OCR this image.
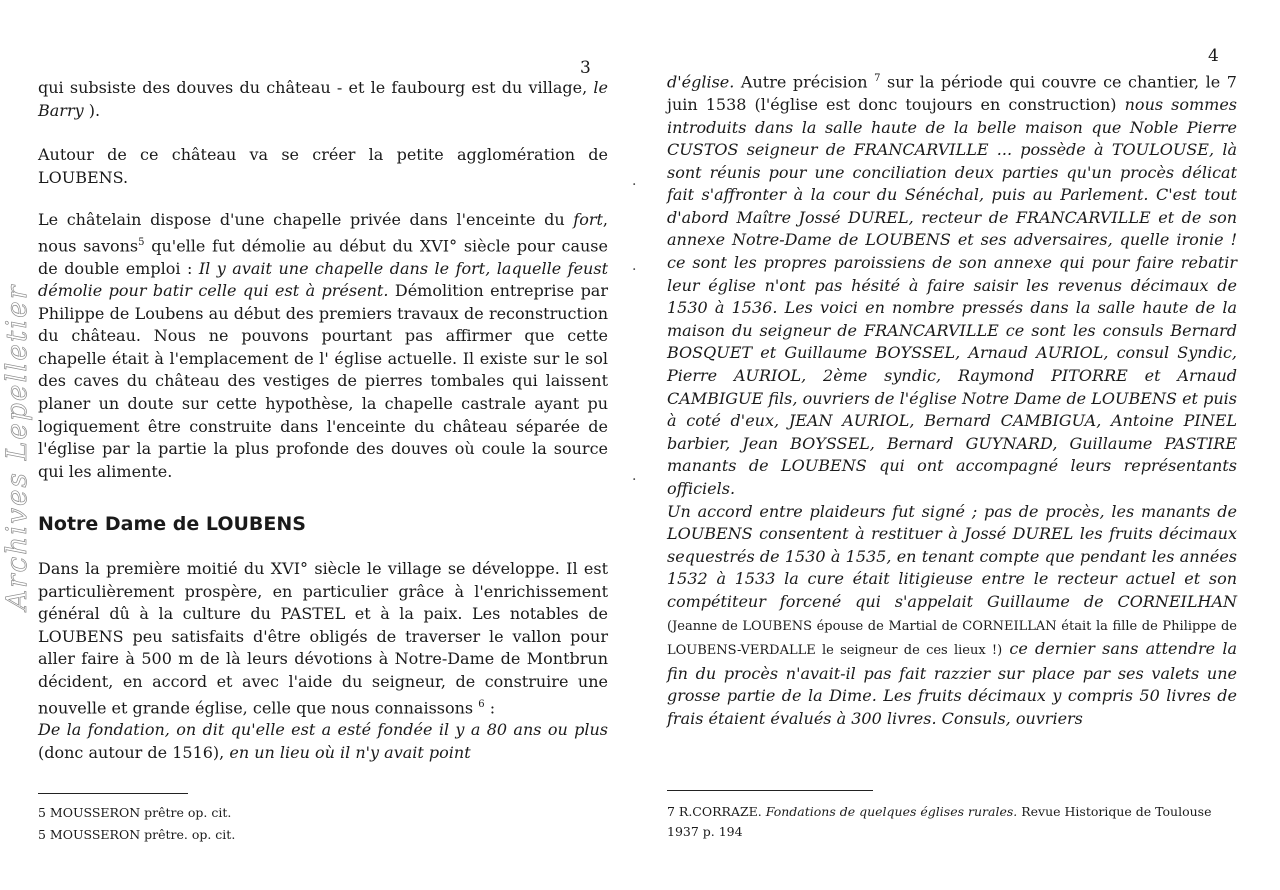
Archives Lepelletier
3

qui subsiste des douves du château - et le faubourg est du village, le Barry ).

Autour de ce château va se créer la petite agglomération de LOUBENS.

Le châtelain dispose d'une chapelle privée dans l'enceinte du fort, nous savons$^5$ qu'elle fut démolie au début du XVI° siècle pour cause de double emploi : Il y avait une chapelle dans le fort, laquelle feust démolie pour batir celle qui est à présent. Démolition entreprise par Philippe de Loubens au début des premiers travaux de reconstruction du château. Nous ne pouvons pourtant pas affirmer que cette chapelle était à l'emplacement de l' église actuelle. Il existe sur le sol des caves du château des vestiges de pierres tombales qui laissent planer un doute sur cette hypothèse, la chapelle castrale ayant pu logiquement être construite dans l'enceinte du château séparée de l'église par la partie la plus profonde des douves où coule la source qui les alimente.

Notre Dame de LOUBENS

Dans la première moitié du XVI° siècle le village se développe. Il est particulièrement prospère, en particulier grâce à l'enrichissement général dû à la culture du PASTEL et à la paix. Les notables de LOUBENS peu satisfaits d'être obligés de traverser le vallon pour aller faire à 500 m de là leurs dévotions à Notre-Dame de Montbrun décident, en accord et avec l'aide du seigneur, de construire une nouvelle et grande église, celle que nous connaissons $^6$ :
De la fondation, on dit qu'elle est a esté fondée il y a 80 ans ou plus (donc autour de 1516), en un lieu où il n'y avait point

5 MOUSSERON prêtre op. cit.
5 MOUSSERON prêtre. op. cit.
4
·
·
·

d'église. Autre précision $^7$ sur la période qui couvre ce chantier, le 7 juin 1538 (l'église est donc toujours en construction) nous sommes introduits dans la salle haute de la belle maison que Noble Pierre CUSTOS seigneur de FRANCARVILLE ... possède à TOULOUSE, là sont réunis pour une conciliation deux parties qu'un procès délicat fait s'affronter à la cour du Sénéchal, puis au Parlement. C'est tout d'abord Maître Jossé DUREL, recteur de FRANCARVILLE et de son annexe Notre-Dame de LOUBENS et ses adversaires, quelle ironie ! ce sont les propres paroissiens de son annexe qui pour faire rebatir leur église n'ont pas hésité à faire saisir les revenus décimaux de 1530 à 1536. Les voici en nombre pressés dans la salle haute de la maison du seigneur de FRANCARVILLE ce sont les consuls Bernard BOSQUET et Guillaume BOYSSEL, Arnaud AURIOL, consul Syndic, Pierre AURIOL, 2ème syndic, Raymond PITORRE et Arnaud CAMBIGUE fils, ouvriers de l'église Notre Dame de LOUBENS et puis à coté d'eux, JEAN AURIOL, Bernard CAMBIGUA, Antoine PINEL barbier, Jean BOYSSEL, Bernard GUYNARD, Guillaume PASTIRE manants de LOUBENS qui ont accompagné leurs représentants officiels.
Un accord entre plaideurs fut signé ; pas de procès, les manants de LOUBENS consentent à restituer à Jossé DUREL les fruits décimaux sequestrés de 1530 à 1535, en tenant compte que pendant les années 1532 à 1533 la cure était litigieuse entre le recteur actuel et son compétiteur forcené qui s'appelait Guillaume de CORNEILHAN (Jeanne de LOUBENS épouse de Martial de CORNEILLAN était la fille de Philippe de LOUBENS-VERDALLE le seigneur de ces lieux !) ce dernier sans attendre la fin du procès n'avait-il pas fait razzier sur place par ses valets une grosse partie de la Dime. Les fruits décimaux y compris 50 livres de frais étaient évalués à 300 livres. Consuls, ouvriers

7 R.CORRAZE. Fondations de quelques églises rurales. Revue Historique de Toulouse 1937 p. 194
